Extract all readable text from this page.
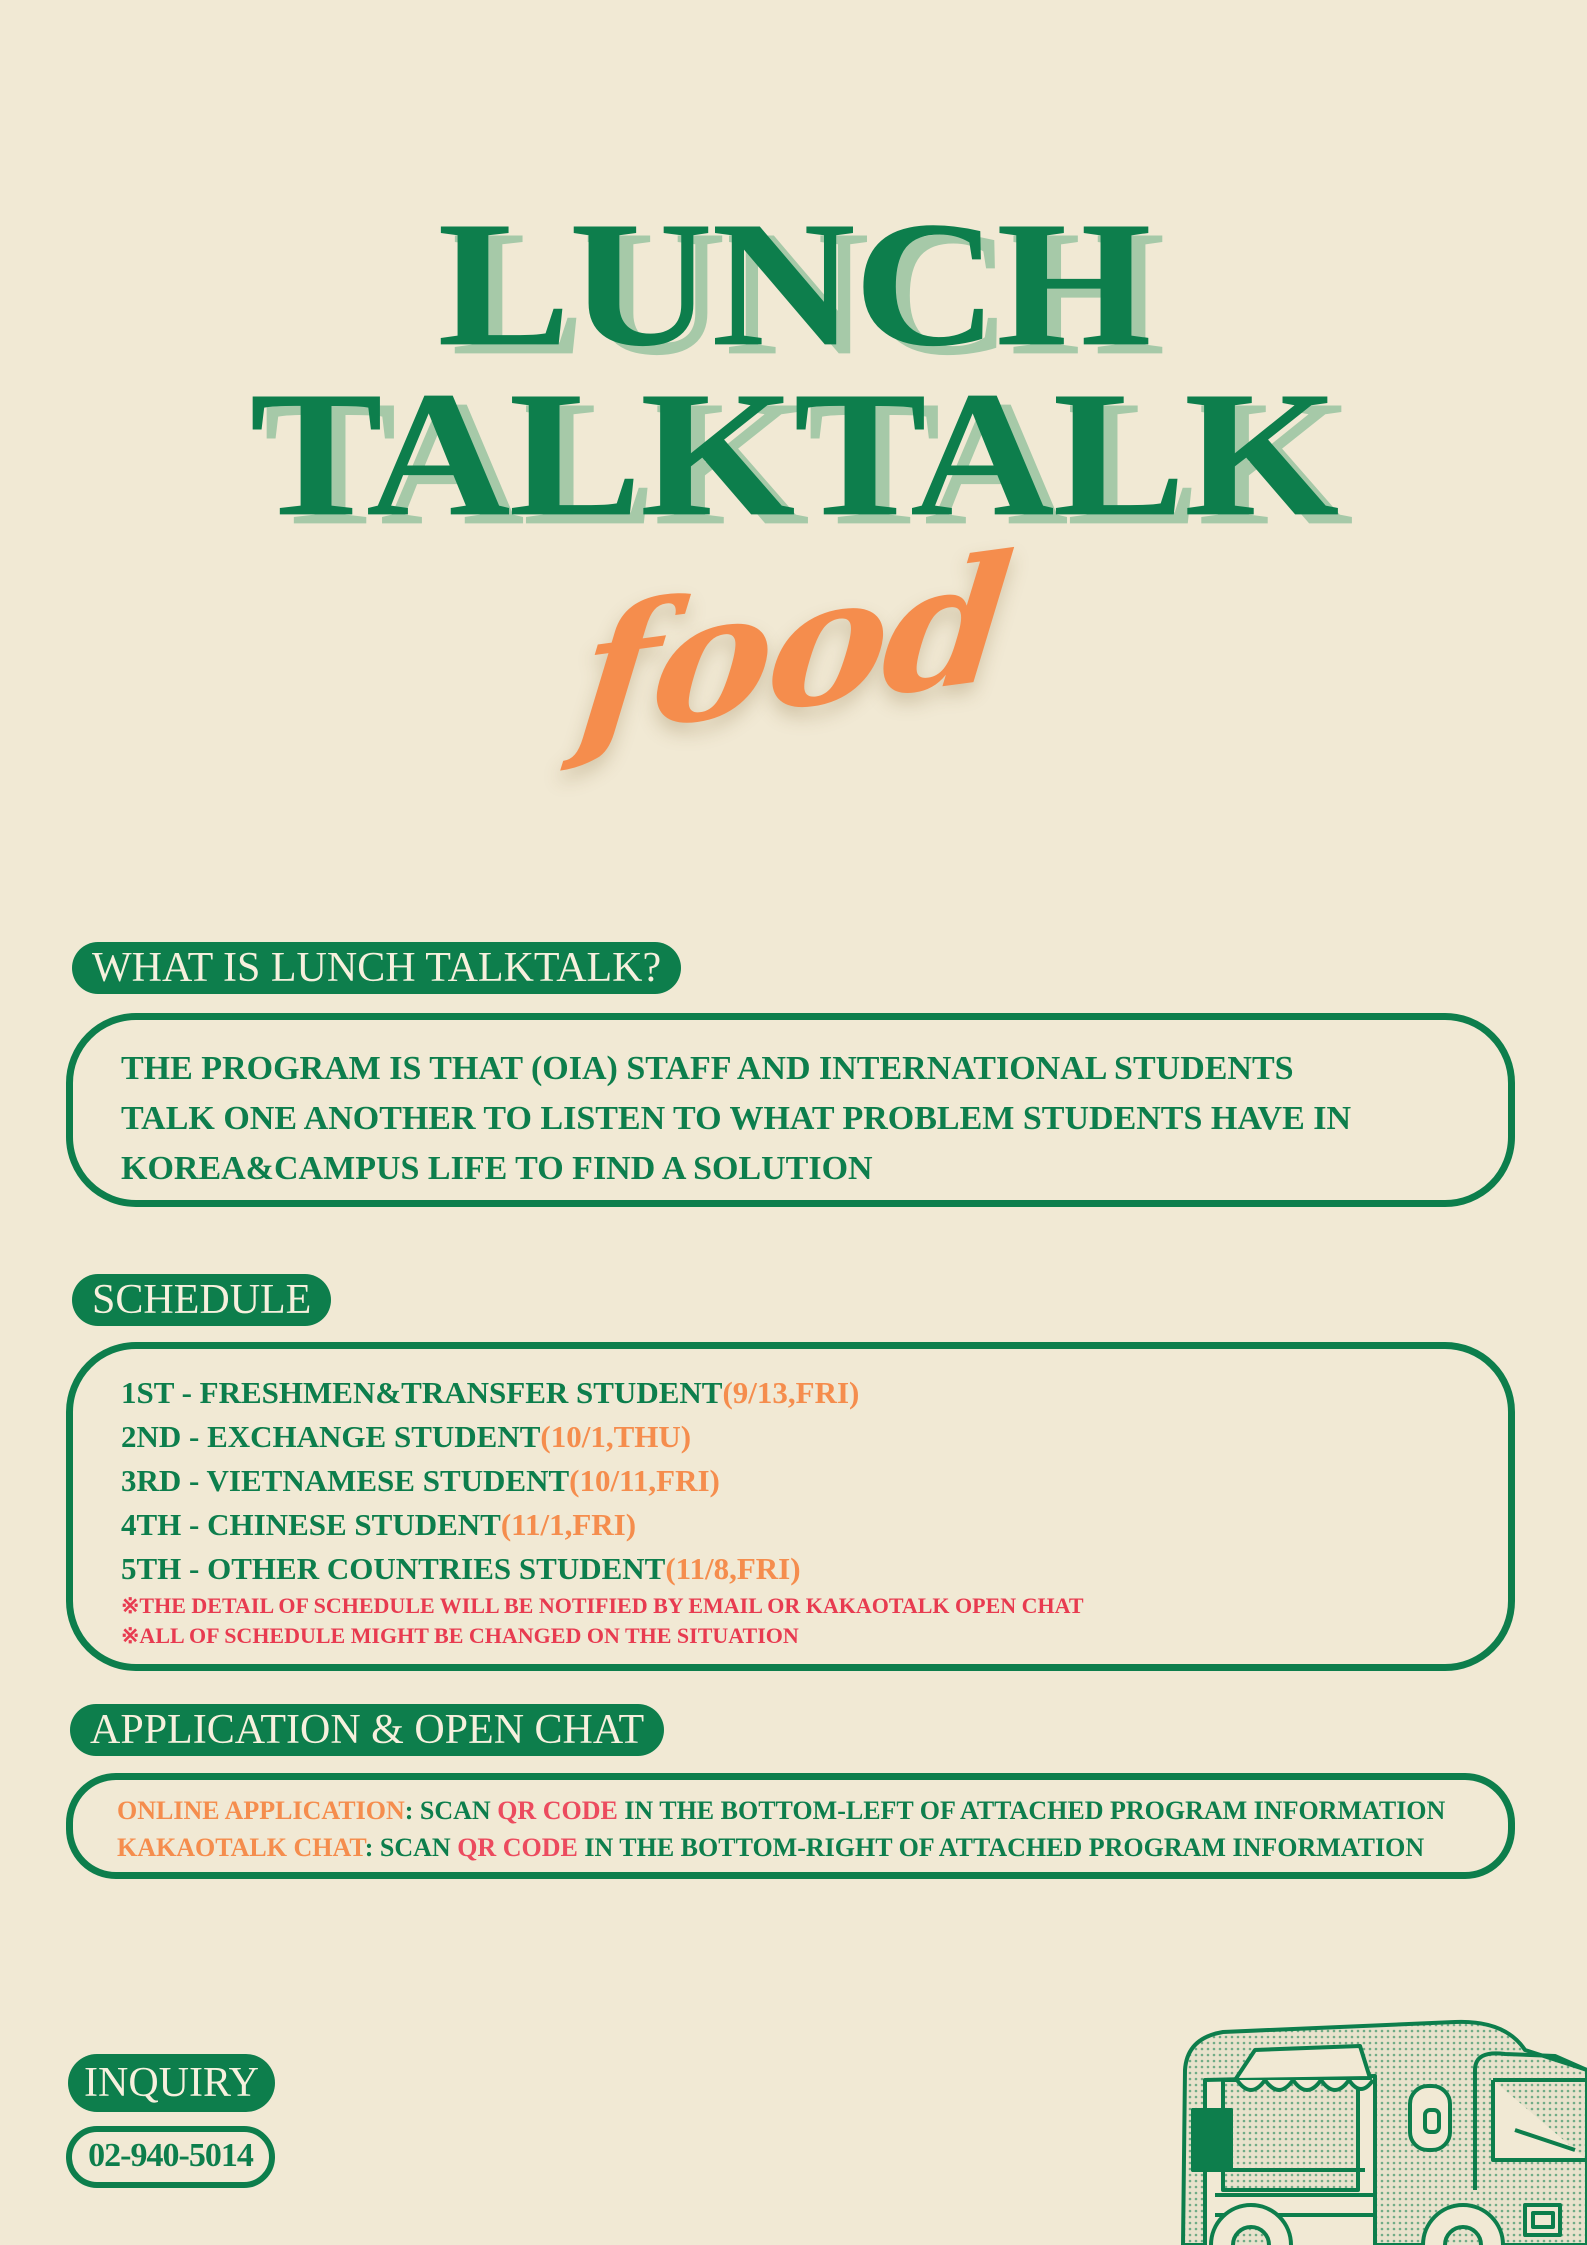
LUNCH
TALKTALK
food
WHAT IS LUNCH TALKTALK?
THE PROGRAM IS THAT (OIA) STAFF AND INTERNATIONAL STUDENTS
TALK ONE ANOTHER TO LISTEN TO WHAT PROBLEM STUDENTS HAVE IN
KOREA&CAMPUS LIFE TO FIND A SOLUTION
SCHEDULE
1ST - FRESHMEN&TRANSFER STUDENT(9/13,FRI)
2ND - EXCHANGE STUDENT(10/1,THU)
3RD - VIETNAMESE STUDENT(10/11,FRI)
4TH - CHINESE STUDENT(11/1,FRI)
5TH - OTHER COUNTRIES STUDENT(11/8,FRI)
※THE DETAIL OF SCHEDULE WILL BE NOTIFIED BY EMAIL OR KAKAOTALK OPEN CHAT
※ALL OF SCHEDULE MIGHT BE CHANGED ON THE SITUATION
APPLICATION & OPEN CHAT
ONLINE APPLICATION: SCAN QR CODE IN THE BOTTOM-LEFT OF ATTACHED PROGRAM INFORMATION
KAKAOTALK CHAT: SCAN QR CODE IN THE BOTTOM-RIGHT OF ATTACHED PROGRAM INFORMATION
INQUIRY
02-940-5014
